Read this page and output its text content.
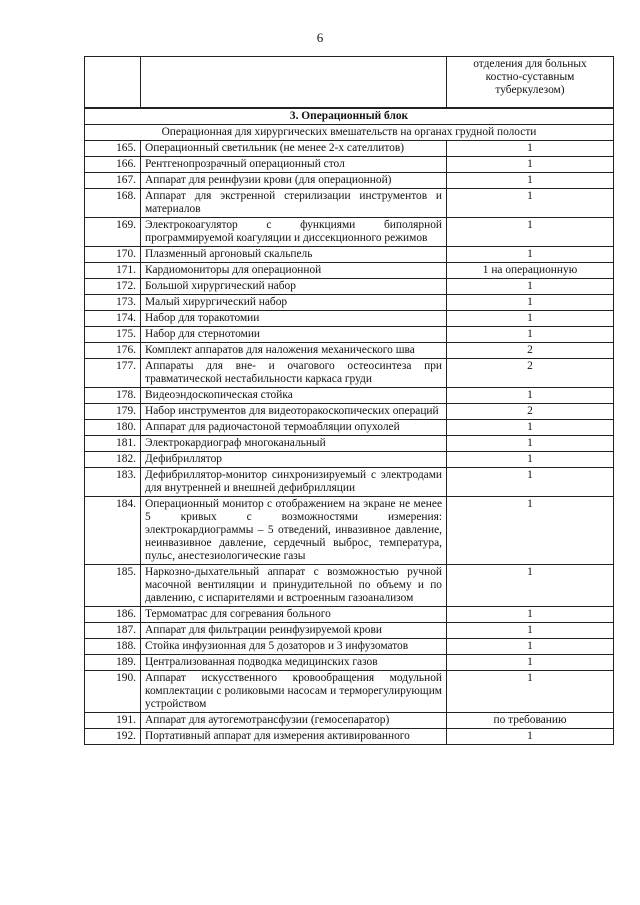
6

		отделения для больных
костно-суставным
туберкулезом)

3. Операционный блок		
Операционная для хирургических вмешательств на органах грудной полости		
165.	Операционный светильник (не менее 2-х сателлитов)	1
166.	Рентгенопрозрачный операционный стол	1
167.	Аппарат для реинфузии крови (для операционной)	1
168.	Аппарат для экстренной стерилизации инструментов и материалов	1
169.	Электрокоагулятор с функциями биполярной программируемой коагуляции и диссекционного режимов	1
170.	Плазменный аргоновый скальпель	1
171.	Кардиомониторы для операционной	1 на операционную
172.	Большой хирургический набор	1
173.	Малый хирургический набор	1
174.	Набор для торакотомии	1
175.	Набор для стернотомии	1
176.	Комплект аппаратов для наложения механического шва	2
177.	Аппараты для вне- и очагового остеосинтеза при травматической нестабильности каркаса груди	2
178.	Видеоэндоскопическая стойка	1
179.	Набор инструментов для видеоторакоскопических операций	2
180.	Аппарат для радиочастоной термоабляции опухолей	1
181.	Электрокардиограф многоканальный	1
182.	Дефибриллятор	1
183.	Дефибриллятор-монитор синхронизируемый с электродами для внутренней и внешней дефибрилляции	1
184.	Операционный монитор с отображением на экране не менее 5 кривых с возможностями измерения: электрокардиограммы – 5 отведений, инвазивное давление, неинвазивное давление, сердечный выброс, температура, пульс, анестезиологические газы	1
185.	Наркозно-дыхательный аппарат с возможностью ручной масочной вентиляции и принудительной по объему и по давлению, с испарителями и встроенным газоанализом	1
186.	Термоматрас для согревания больного	1
187.	Аппарат для фильтрации реинфузируемой крови	1
188.	Стойка инфузионная для 5 дозаторов и 3 инфузоматов	1
189.	Централизованная подводка медицинских газов	1
190.	Аппарат искусственного кровообращения модульной комплектации с роликовыми насосам и терморегулирующим устройством	1
191.	Аппарат для аутогемотрансфузии (гемосепаратор)	по требованию
192.	Портативный аппарат для измерения активированного	1
